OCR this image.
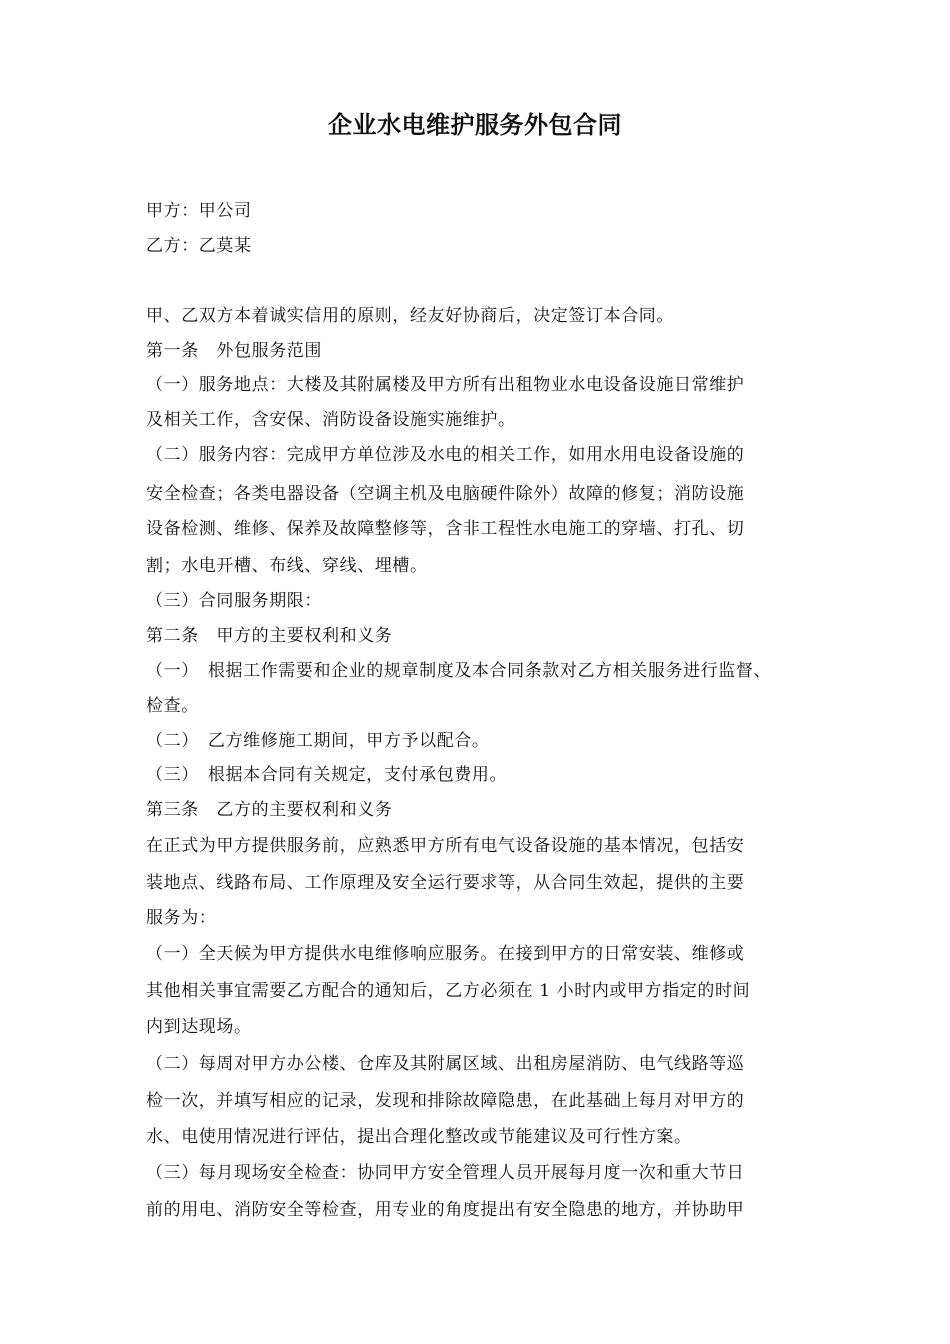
企业水电维护服务外包合同
甲方：甲公司
乙方：乙莫某
甲、乙双方本着诚实信用的原则，经友好协商后，决定签订本合同。
第一条　外包服务范围
（一）服务地点：大楼及其附属楼及甲方所有出租物业水电设备设施日常维护
及相关工作，含安保、消防设备设施实施维护。
（二）服务内容：完成甲方单位涉及水电的相关工作，如用水用电设备设施的
安全检查；各类电器设备（空调主机及电脑硬件除外）故障的修复；消防设施
设备检测、维修、保养及故障整修等，含非工程性水电施工的穿墙、打孔、切
割；水电开槽、布线、穿线、埋槽。
（三）合同服务期限：
第二条　甲方的主要权利和义务
（一）　根据工作需要和企业的规章制度及本合同条款对乙方相关服务进行监督、
检查。
（二）　乙方维修施工期间，甲方予以配合。
（三）　根据本合同有关规定，支付承包费用。
第三条　乙方的主要权利和义务
在正式为甲方提供服务前，应熟悉甲方所有电气设备设施的基本情况，包括安
装地点、线路布局、工作原理及安全运行要求等，从合同生效起，提供的主要
服务为：
（一）全天候为甲方提供水电维修响应服务。在接到甲方的日常安装、维修或
其他相关事宜需要乙方配合的通知后，乙方必须在 1 小时内或甲方指定的时间
内到达现场。
（二）每周对甲方办公楼、仓库及其附属区域、出租房屋消防、电气线路等巡
检一次，并填写相应的记录，发现和排除故障隐患，在此基础上每月对甲方的
水、电使用情况进行评估，提出合理化整改或节能建议及可行性方案。
（三）每月现场安全检查：协同甲方安全管理人员开展每月度一次和重大节日
前的用电、消防安全等检查，用专业的角度提出有安全隐患的地方，并协助甲
